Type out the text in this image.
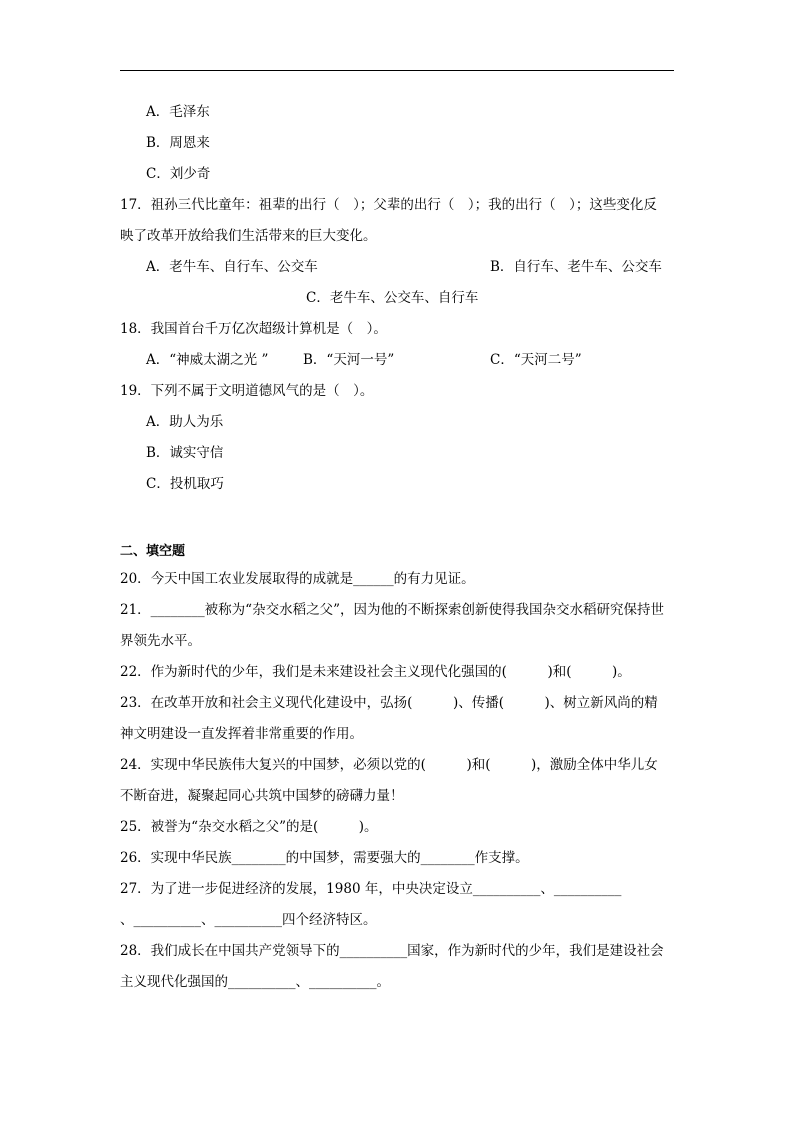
A．毛泽东
B．周恩来
C．刘少奇
17．祖孙三代比童年：祖辈的出行（　）；父辈的出行（　）；我的出行（　）；这些变化反
映了改革开放给我们生活带来的巨大变化。
A．老牛车、自行车、公交车	B．自行车、老牛车、公交车
C．老牛车、公交车、自行车
18．我国首台千万亿次超级计算机是（　）。
A．“神威太湖之光 ”	B．“天河一号”	C．“天河二号”
19．下列不属于文明道德风气的是（　）。
A．助人为乐
B．诚实守信
C．投机取巧
二、填空题
20．今天中国工农业发展取得的成就是______的有力见证。
21．________被称为“杂交水稻之父”，因为他的不断探索创新使得我国杂交水稻研究保持世
界领先水平。
22．作为新时代的少年，我们是未来建设社会主义现代化强国的(　　　)和(　　　)。
23．在改革开放和社会主义现代化建设中，弘扬(　　　)、传播(　　　)、树立新风尚的精
神文明建设一直发挥着非常重要的作用。
24．实现中华民族伟大复兴的中国梦，必须以党的(　　　)和(　　　)，激励全体中华儿女
不断奋进，凝聚起同心共筑中国梦的磅礴力量！
25．被誉为“杂交水稻之父”的是(　　　)。
26．实现中华民族________的中国梦，需要强大的________作支撑。
27．为了进一步促进经济的发展，1980 年，中央决定设立__________、__________
、__________、__________四个经济特区。
28．我们成长在中国共产党领导下的__________国家，作为新时代的少年，我们是建设社会
主义现代化强国的__________、__________。
